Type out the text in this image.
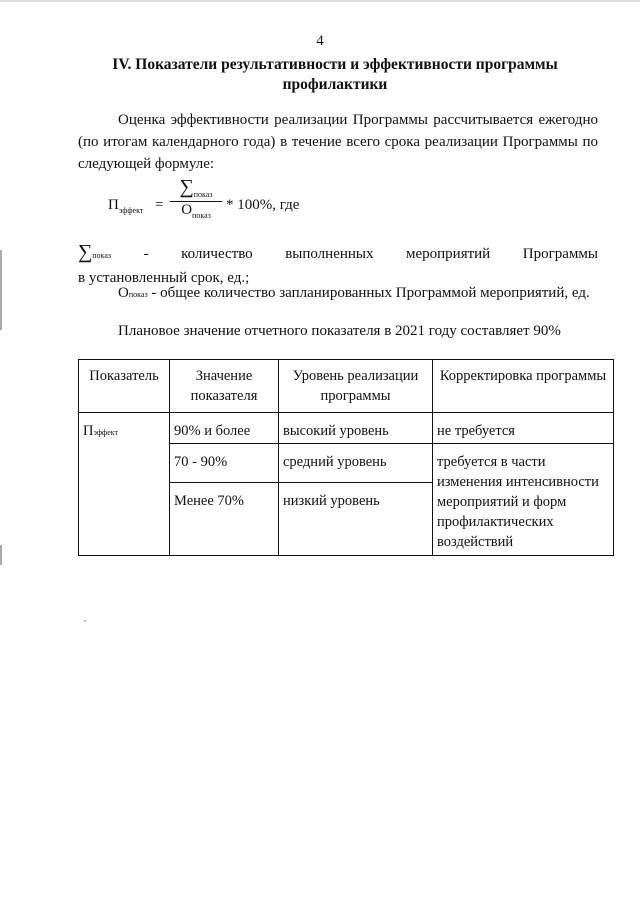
4
IV. Показатели результативности и эффективности программы профилактики
Оценка эффективности реализации Программы рассчитывается ежегодно (по итогам календарного года) в течение всего срока реализации Программы по следующей формуле:
$П_{эффект}$ =
$\sum_{показ}$
$О_{показ}$
* 100%, где
∑показ - количество выполненных мероприятий Программы
в установленный срок, ед.;
Опоказ - общее количество запланированных Программой мероприятий, ед.
Плановое значение отчетного показателя в 2021 году составляет 90%
Показатель	Значение показателя	Уровень реализации программы	Корректировка программы
Пэффект	90% и более	высокий уровень	не требуется
	70 - 90%	средний уровень	требуется в части изменения интенсивности мероприятий и форм профилактических воздействий
	Менее 70%	низкий уровень	
